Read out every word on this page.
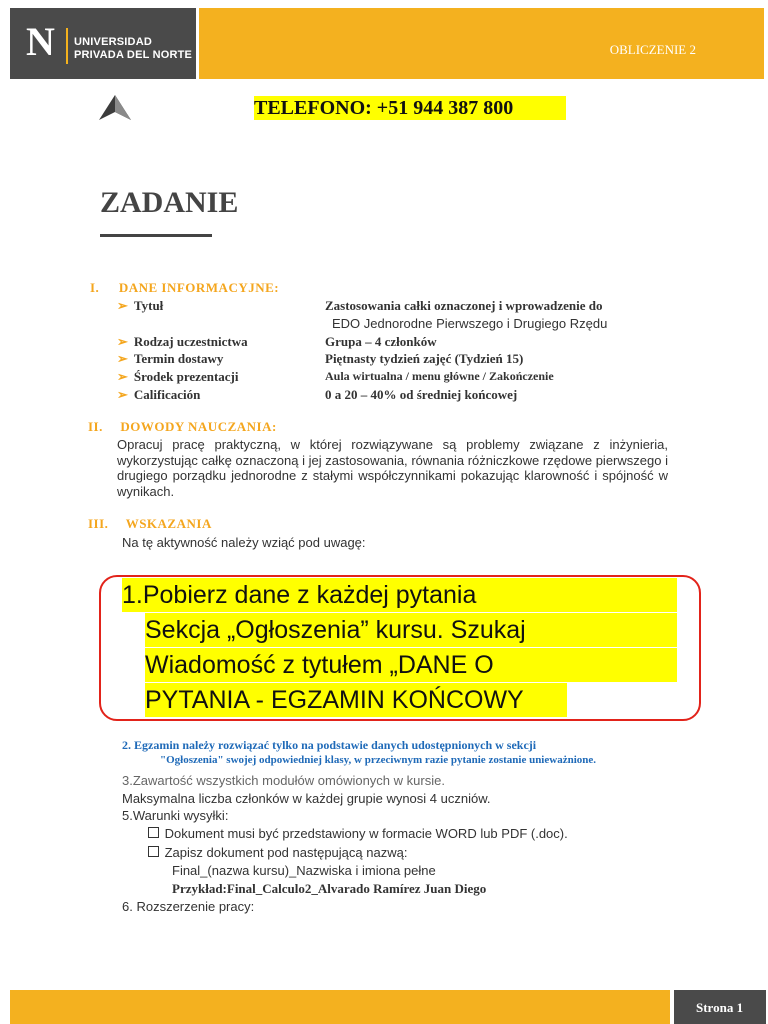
N UNIVERSIDAD
PRIVADA DEL NORTE	OBLICZENIE 2
TELEFONO: +51 944 387 800
ZADANIE
I. DANE INFORMACYJNE:
➢ Tytuł	Zastosowania całki oznaczonej i wprowadzenie do
EDO Jednorodne Pierwszego i Drugiego Rzędu
➢ Rodzaj uczestnictwa	Grupa – 4 członków
➢ Termin dostawy	Piętnasty tydzień zajęć (Tydzień 15)
➢ Środek prezentacji	Aula wirtualna / menu główne / Zakończenie
➢ Calificación	0 a 20 – 40% od średniej końcowej
II. DOWODY NAUCZANIA:
Opracuj pracę praktyczną, w której rozwiązywane są problemy związane z inżynieria, wykorzystując całkę oznaczoną i jej zastosowania, równania różniczkowe rzędowe pierwszego i drugiego porządku jednorodne z stałymi współczynnikami pokazując klarowność i spójność w wynikach.
III. WSKAZANIA
Na tę aktywność należy wziąć pod uwagę:
1.Pobierz dane z każdej pytania
Sekcja „Ogłoszenia” kursu. Szukaj
Wiadomość z tytułem „DANE O
PYTANIA - EGZAMIN KOŃCOWY
2. Egzamin należy rozwiązać tylko na podstawie danych udostępnionych w sekcji
"Ogłoszenia" swojej odpowiedniej klasy, w przeciwnym razie pytanie zostanie unieważnione.
3.Zawartość wszystkich modułów omówionych w kursie.
Maksymalna liczba członków w każdej grupie wynosi 4 uczniów.
5.Warunki wysyłki:
Dokument musi być przedstawiony w formacie WORD lub PDF (.doc).
Zapisz dokument pod następującą nazwą:
Final_(nazwa kursu)_Nazwiska i imiona pełne
Przykład:Final_Calculo2_Alvarado Ramírez Juan Diego
6. Rozszerzenie pracy:
Strona 1
